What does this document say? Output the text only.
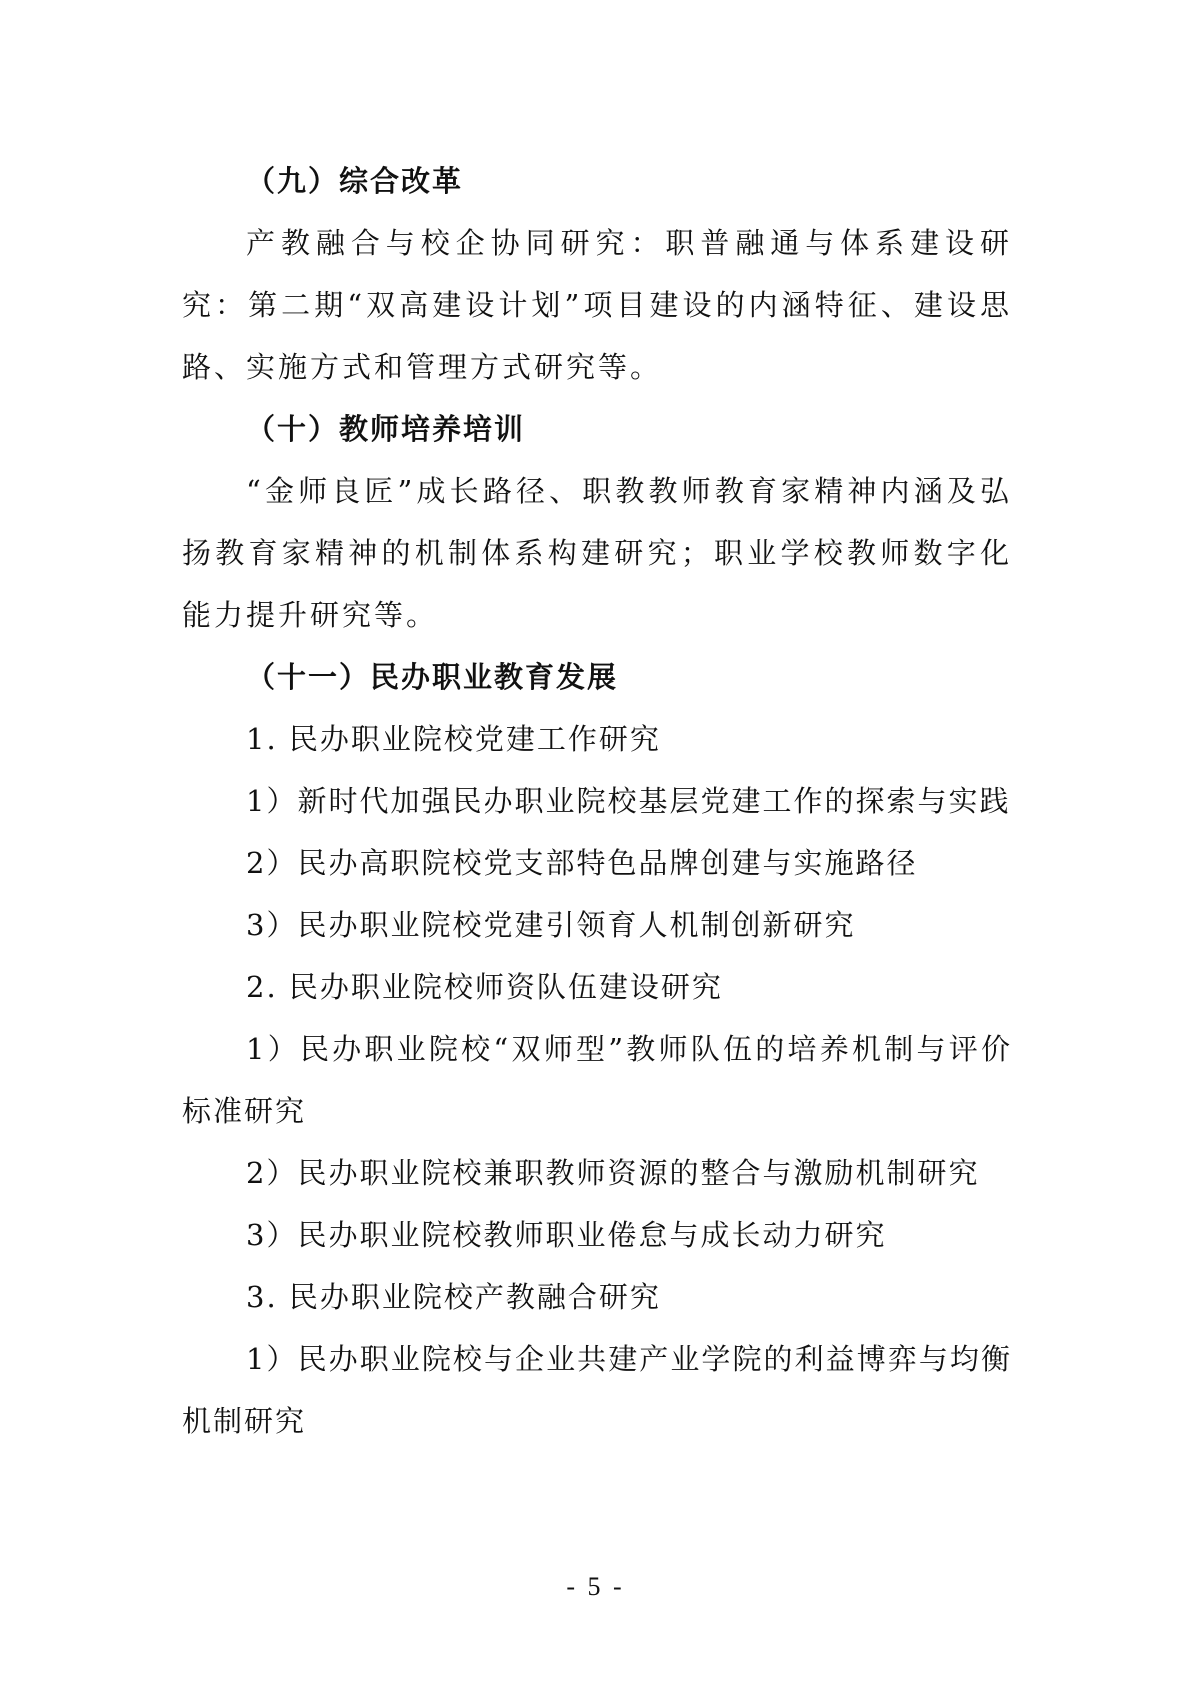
（九）综合改革

产教融合与校企协同研究：职普融通与体系建设研究：第二期“双高建设计划”项目建设的内涵特征、建设思路、实施方式和管理方式研究等。

（十）教师培养培训

“金师良匠”成长路径、职教教师教育家精神内涵及弘扬教育家精神的机制体系构建研究；职业学校教师数字化能力提升研究等。

（十一）民办职业教育发展

1. 民办职业院校党建工作研究

1）新时代加强民办职业院校基层党建工作的探索与实践

2）民办高职院校党支部特色品牌创建与实施路径

3）民办职业院校党建引领育人机制创新研究

2. 民办职业院校师资队伍建设研究

1）民办职业院校“双师型”教师队伍的培养机制与评价标准研究

2）民办职业院校兼职教师资源的整合与激励机制研究

3）民办职业院校教师职业倦怠与成长动力研究

3. 民办职业院校产教融合研究

1）民办职业院校与企业共建产业学院的利益博弈与均衡机制研究

- 5 -
